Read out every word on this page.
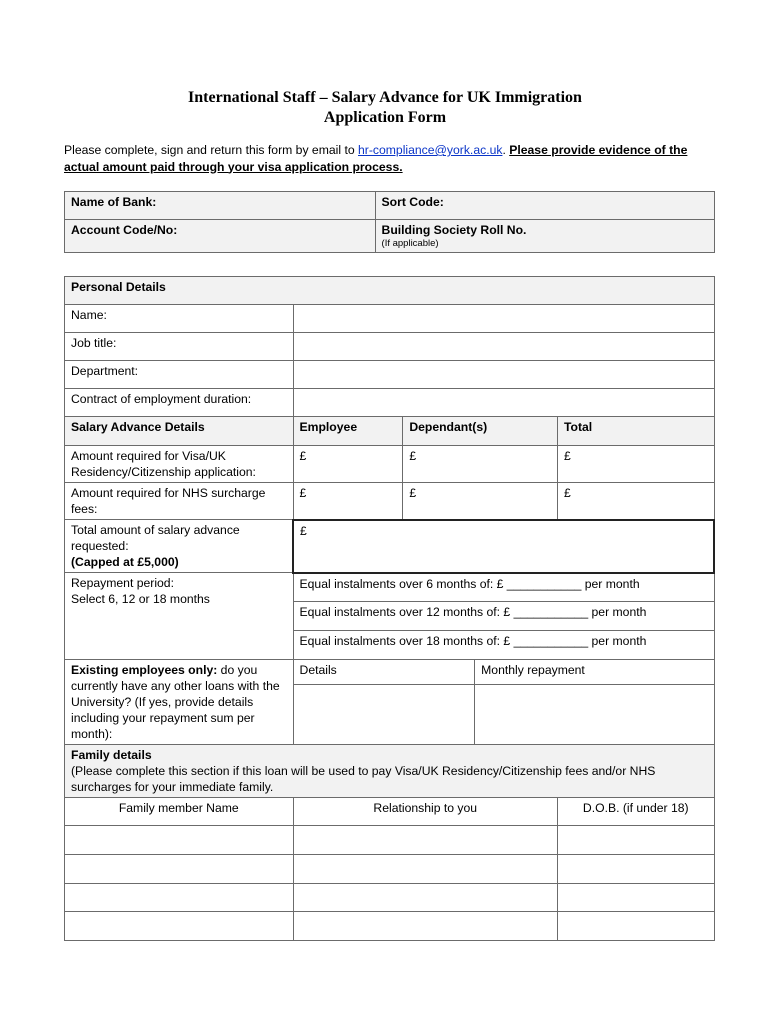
International Staff – Salary Advance for UK Immigration
Application Form
Please complete, sign and return this form by email to hr-compliance@york.ac.uk. Please provide evidence of the actual amount paid through your visa application process.
Name of Bank:	Sort Code:
Account Code/No:	Building Society Roll No.
(If applicable)
Personal Details				
Name:				
Job title:				
Department:				
Contract of employment duration:				
Salary Advance Details	Employee	Dependant(s)		Total
Amount required for Visa/UK Residency/Citizenship application:	£	£		£
Amount required for NHS surcharge fees:	£	£		£
Total amount of salary advance requested:
(Capped at £5,000)	£			

Repayment period:
Select 6, 12 or 18 months	Equal instalments over 6 months of: £ ___________ per month			
	Equal instalments over 12 months of: £ ___________ per month			
	Equal instalments over 18 months of: £ ___________ per month			
Existing employees only: do you currently have any other loans with the University? (If yes, provide details including your repayment sum per month):	Details		Monthly repayment	

Family details
(Please complete this section if this loan will be used to pay Visa/UK Residency/Citizenship fees and/or NHS surcharges for your immediate family.				

Family member Name	Relationship to you			D.O.B. (if under 18)
